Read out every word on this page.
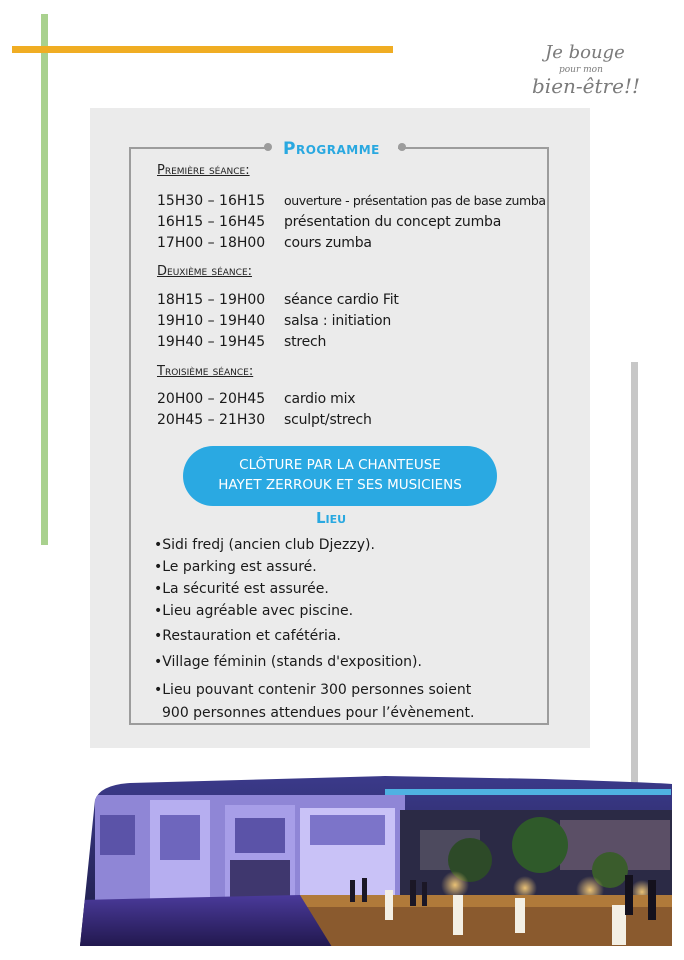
Je bouge
pour mon
bien-être!!
Programme
Première séance:
15H30 – 16H15 ouverture - présentation pas de base zumba
16H15 – 16H45 présentation du concept zumba
17H00 – 18H00 cours zumba
Deuxième séance:
18H15 – 19H00 séance cardio Fit
19H10 – 19H40 salsa : initiation
19H40 – 19H45 strech
Troisième séance:
20H00 – 20H45 cardio mix
20H45 – 21H30 sculpt/strech
CLÔTURE PAR LA CHANTEUSE
HAYET ZERROUK ET SES MUSICIENS
Lieu
•Sidi fredj (ancien club Djezzy).
•Le parking est assuré.
•La sécurité est assurée.
•Lieu agréable avec piscine.
•Restauration et cafétéria.
•Village féminin (stands d'exposition).
•Lieu pouvant contenir 300 personnes soient
900 personnes attendues pour l’évènement.
